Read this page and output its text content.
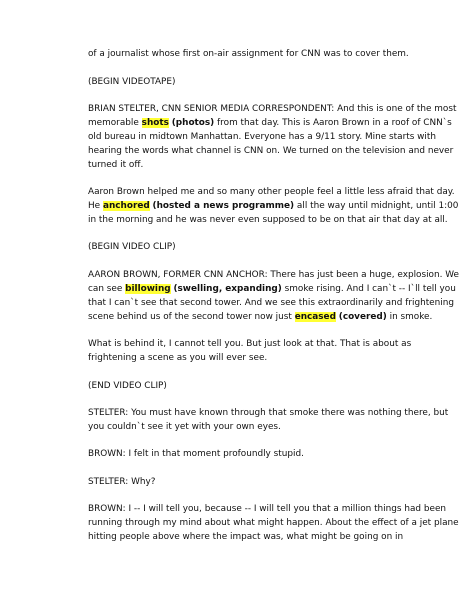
of a journalist whose first on-air assignment for CNN was to cover them.

(BEGIN VIDEOTAPE)

BRIAN STELTER, CNN SENIOR MEDIA CORRESPONDENT: And this is one of the most memorable shots (photos) from that day. This is Aaron Brown in a roof of CNN`s old bureau in midtown Manhattan. Everyone has a 9/11 story. Mine starts with hearing the words what channel is CNN on. We turned on the television and never turned it off.

Aaron Brown helped me and so many other people feel a little less afraid that day. He anchored (hosted a news programme) all the way until midnight, until 1:00 in the morning and he was never even supposed to be on that air that day at all.

(BEGIN VIDEO CLIP)

AARON BROWN, FORMER CNN ANCHOR: There has just been a huge, explosion. We can see billowing (swelling, expanding) smoke rising. And I can`t -- I`ll tell you that I can`t see that second tower. And we see this extraordinarily and frightening scene behind us of the second tower now just encased (covered) in smoke.

What is behind it, I cannot tell you. But just look at that. That is about as frightening a scene as you will ever see.

(END VIDEO CLIP)

STELTER: You must have known through that smoke there was nothing there, but you couldn`t see it yet with your own eyes.

BROWN: I felt in that moment profoundly stupid.

STELTER: Why?

BROWN: I -- I will tell you, because -- I will tell you that a million things had been running through my mind about what might happen. About the effect of a jet plane hitting people above where the impact was, what might be going on in
